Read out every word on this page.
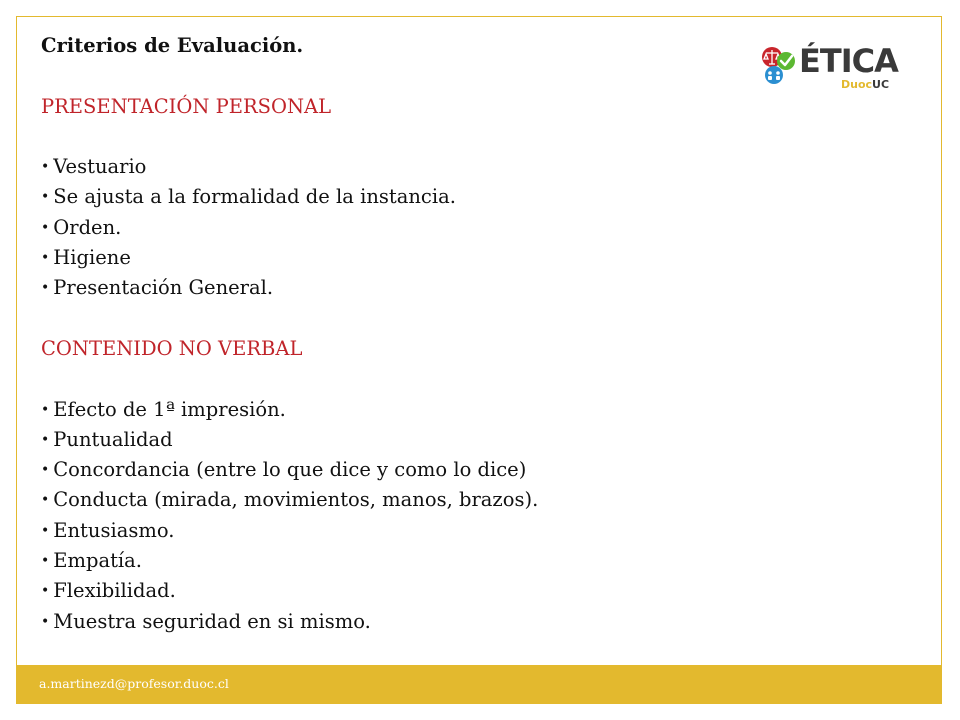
ÉTICA
DuocUC
Criterios de Evaluación.
PRESENTACIÓN PERSONAL
• Vestuario
• Se ajusta a la formalidad de la instancia.
• Orden.
• Higiene
• Presentación General.
CONTENIDO NO VERBAL
• Efecto de 1ª impresión.
• Puntualidad
• Concordancia (entre lo que dice y como lo dice)
• Conducta (mirada, movimientos, manos, brazos).
• Entusiasmo.
• Empatía.
• Flexibilidad.
• Muestra seguridad en si mismo.
a.martinezd@profesor.duoc.cl
